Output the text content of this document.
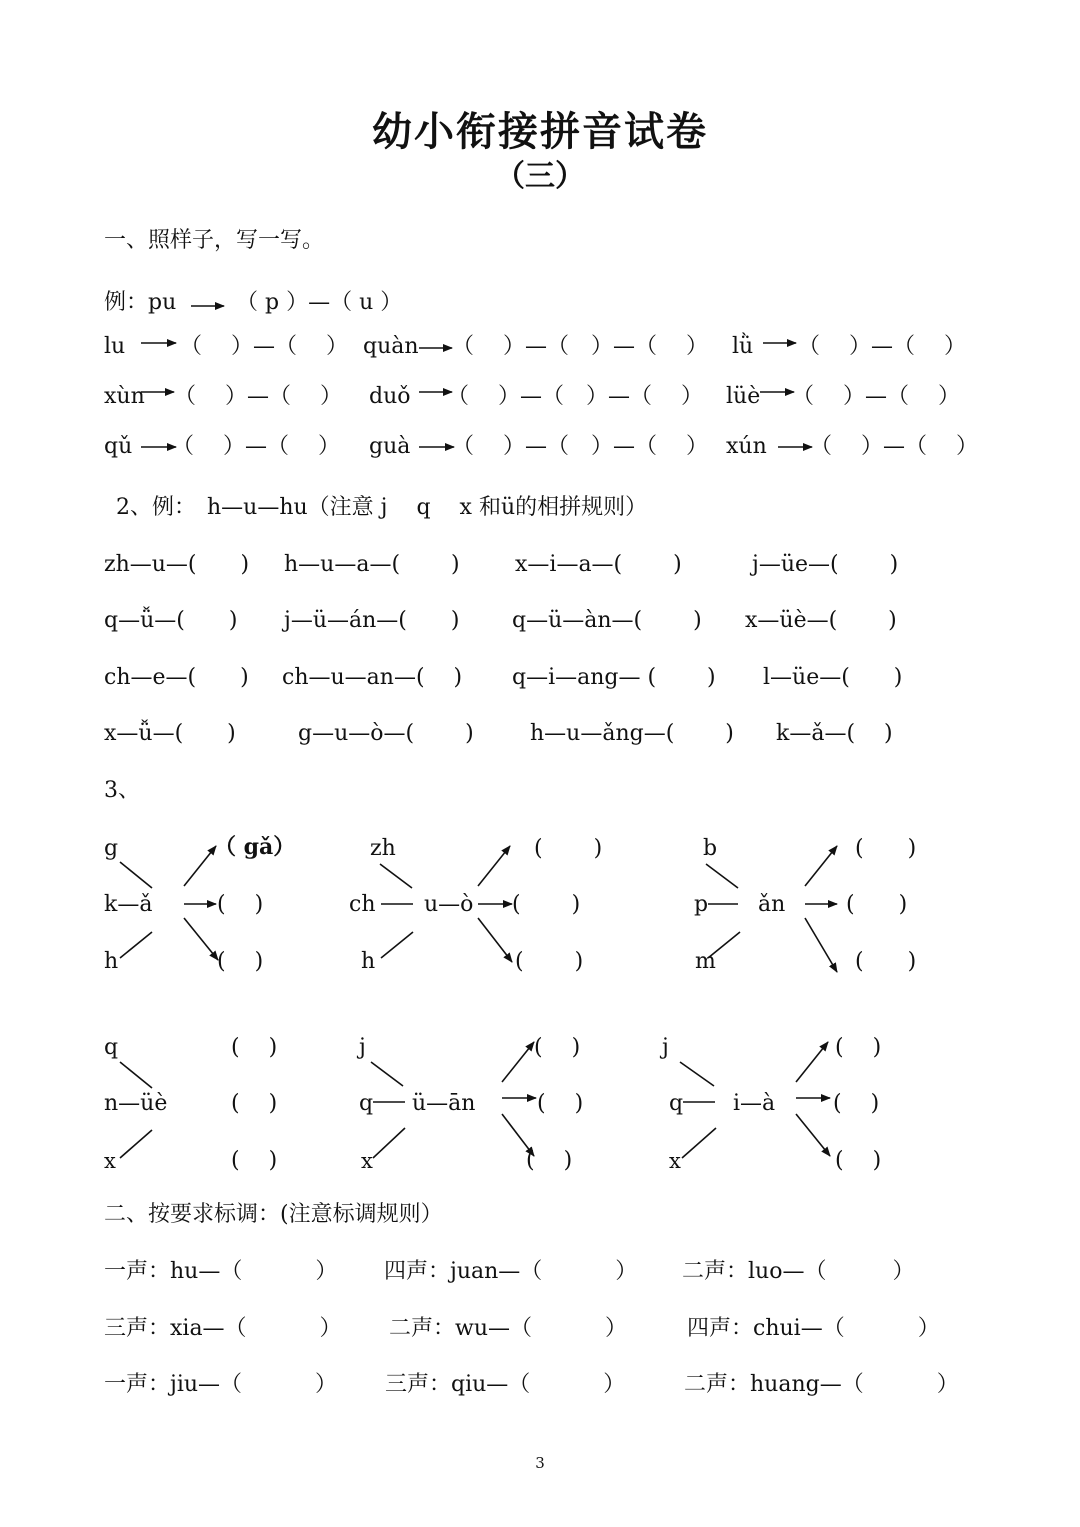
幼小衔接拼音试卷
（三）
一、照样子，写一写。
例：pu	（ p ）—（ u ）
lu （　 ）—（　 ） quàn （　 ）—（　）—（　 ） lǜ （　 ）—（　 ）
xùn （　 ）—（　 ） duǒ （　 ）—（　）—（　 ） lüè （　 ）—（　 ）
qǔ （　 ）—（　 ） guà （　 ）—（　）—（　 ） xún （　 ）—（　 ）
2、例：　h—u—hu（注意 j　 q　 x 和ü的相拼规则）
zh—u—(　　) h—u—a—(　　 )	x—i—a—(　　 )	j—üe—(　　 )
q—ǚ—(　　) j—ü—án—(　　) q—ü—àn—(　　 ) x—üè—(　　 )
ch—e—(　　) ch—u—an—(　 ) q—i—ang— (　　 ) l—üe—(　　)
x—ǚ—(　　)	g—u—ò—(　　 )	h—u—ǎng—(　　 ) k—ǎ—(　 )
3、
g
k—ǎ
h
（ gǎ）
(　 )
(　 )
zh
ch u—ò
h
(　　 )
(　　 )
(　　 )
b
p ǎn
m
(　　)
(　　)
(　　)
q
n—üè
x
(　 )
(　 )
(　 )
j
q ü—ān
x
(　 )
(　 )
(　 )
j
q i—à
x
(　 )
(　 )
(　 )
二、按要求标调：(注意标调规则）
一声：hu—（　　　 ） 四声：juan—（　　　 ） 二声：luo—（　　　）
三声：xia—（　　　 ） 二声：wu—（　　　 ）	四声：chui—（　　　 ）
一声：jiu—（　　　 ） 三声：qiu—（　　　 ）	二声：huang—（　　　 ）
3
